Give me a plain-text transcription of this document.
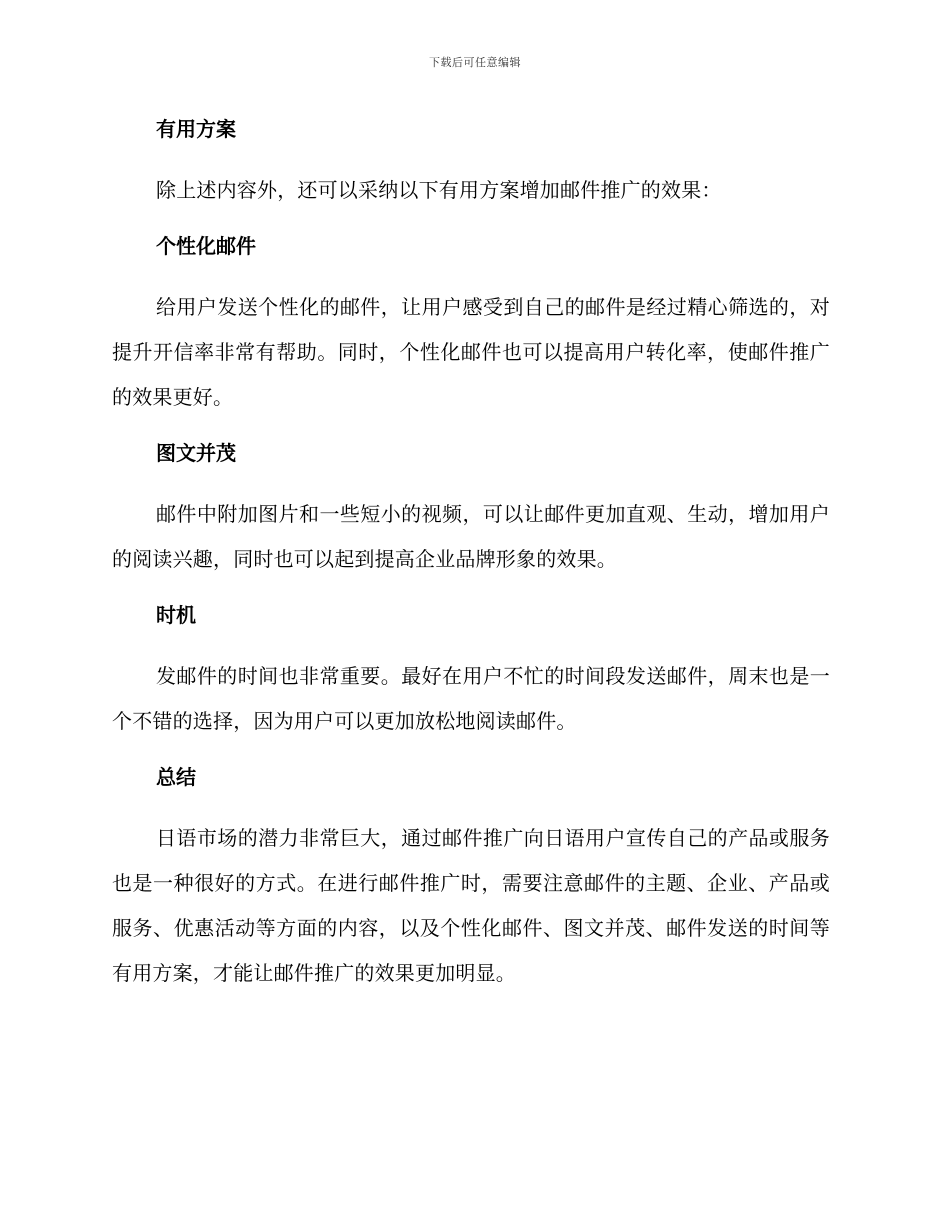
下载后可任意编辑
有用方案

除上述内容外，还可以采纳以下有用方案增加邮件推广的效果：

个性化邮件

给用户发送个性化的邮件，让用户感受到自己的邮件是经过精心筛选的，对提升开信率非常有帮助。同时，个性化邮件也可以提高用户转化率，使邮件推广的效果更好。

图文并茂

邮件中附加图片和一些短小的视频，可以让邮件更加直观、生动，增加用户的阅读兴趣，同时也可以起到提高企业品牌形象的效果。

时机

发邮件的时间也非常重要。最好在用户不忙的时间段发送邮件，周末也是一个不错的选择，因为用户可以更加放松地阅读邮件。

总结

日语市场的潜力非常巨大，通过邮件推广向日语用户宣传自己的产品或服务也是一种很好的方式。在进行邮件推广时，需要注意邮件的主题、企业、产品或服务、优惠活动等方面的内容，以及个性化邮件、图文并茂、邮件发送的时间等有用方案，才能让邮件推广的效果更加明显。
